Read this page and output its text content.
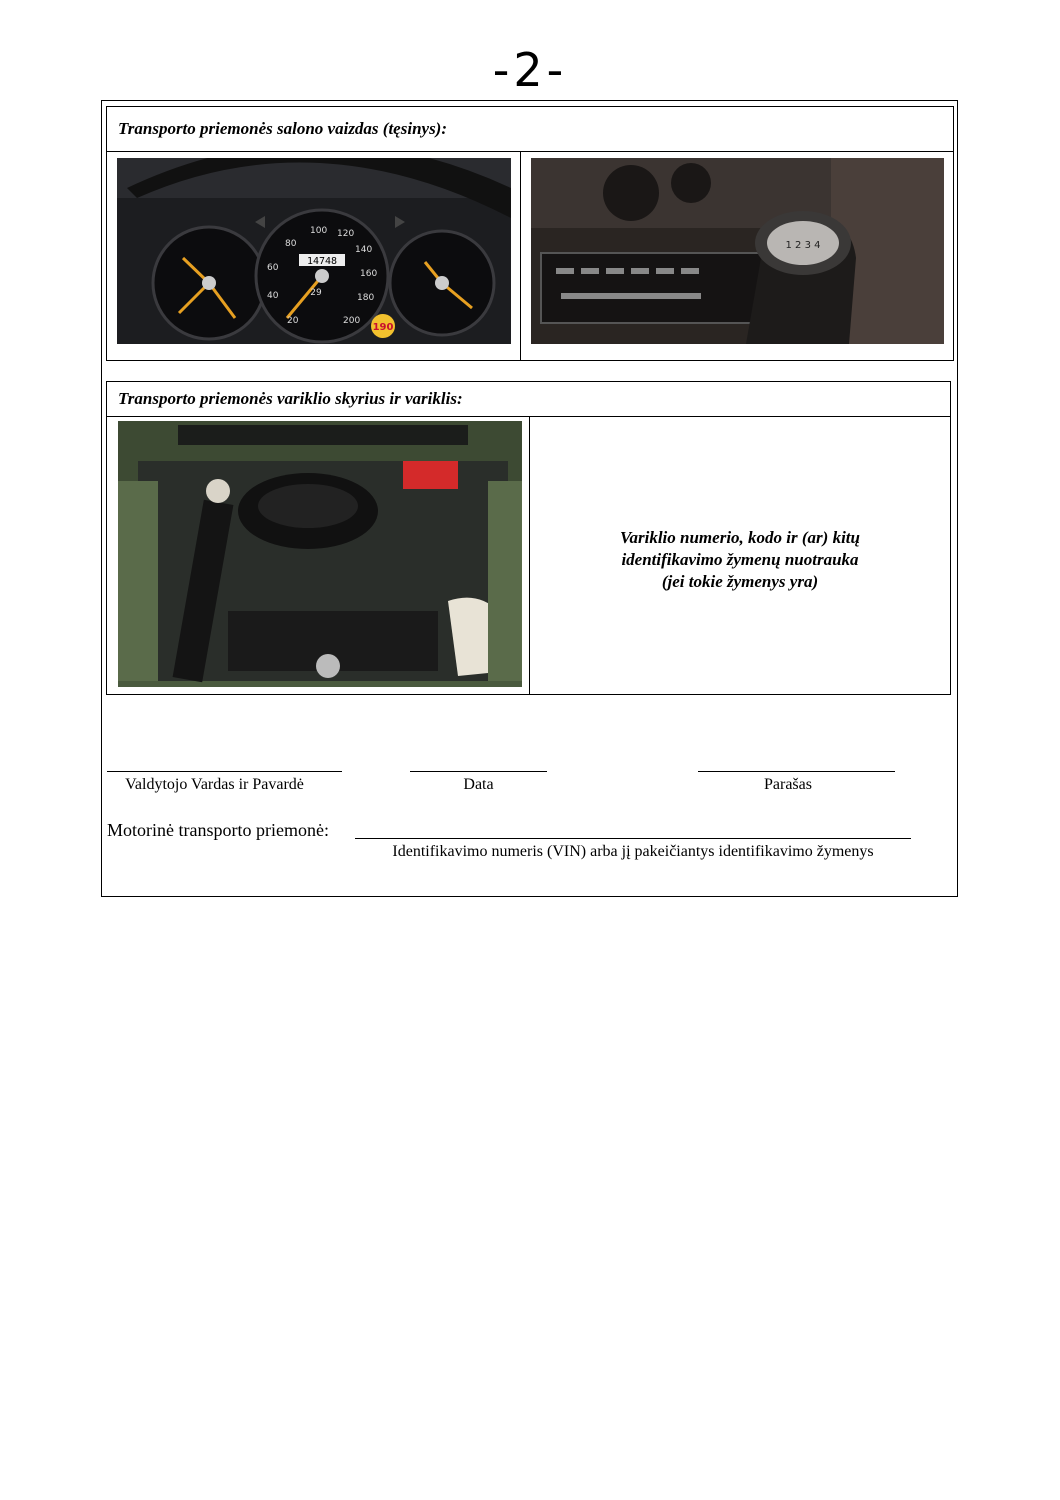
-2-
Transporto priemonės salono vaizdas (tęsinys):
14748
29
20
40
60
80
100 120
140
160
180
200
190
1 2 3 4
Transporto priemonės variklio skyrius ir variklis:
Variklio numerio, kodo ir (ar) kitų
identifikavimo žymenų nuotrauka
(jei tokie žymenys yra)
Valdytojo Vardas ir Pavardė	Data	Parašas
Motorinė transporto priemonė:
Identifikavimo numeris (VIN) arba jį pakeičiantys identifikavimo žymenys
